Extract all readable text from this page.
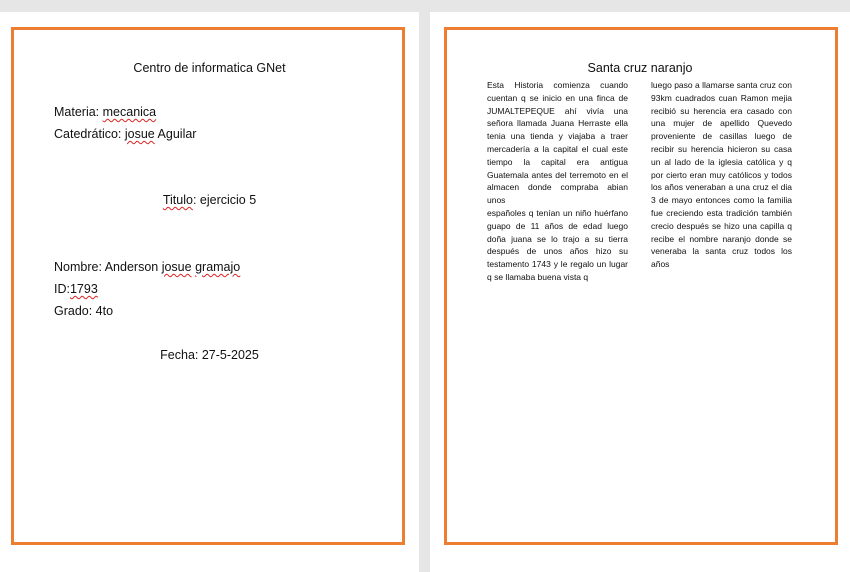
Centro de informatica GNet
Materia: mecanica
Catedrático: josue Aguilar
Titulo: ejercicio 5
Nombre: Anderson josue gramajo
ID:1793
Grado: 4to
Fecha: 27-5-2025
Santa cruz naranjo

Esta Historia comienza cuando cuentan q se inicio en una finca de JUMALTEPEQUE ahí vivía una señora llamada Juana Herraste ella tenia una tienda y viajaba a traer mercadería a la capital el cual este tiempo la capital era antigua Guatemala antes del terremoto en el almacen donde compraba abian unos

españoles q tenían un niño huérfano guapo de 11 años de edad luego doña juana se lo trajo a su tierra después de unos años hizo su testamento 1743 y le regalo un lugar q se llamaba buena vista q

luego paso a llamarse santa cruz con 93km cuadrados cuan Ramon mejia recibió su herencia era casado con una mujer de apellido Quevedo proveniente de casillas luego de recibir su herencia hicieron su casa un al lado de la iglesia católica y q por cierto eran muy católicos y todos los años veneraban a una cruz el dia 3 de mayo entonces como la familia fue creciendo esta tradición también crecio después se hizo una capilla q recibe el nombre naranjo donde se veneraba la santa cruz todos los años
